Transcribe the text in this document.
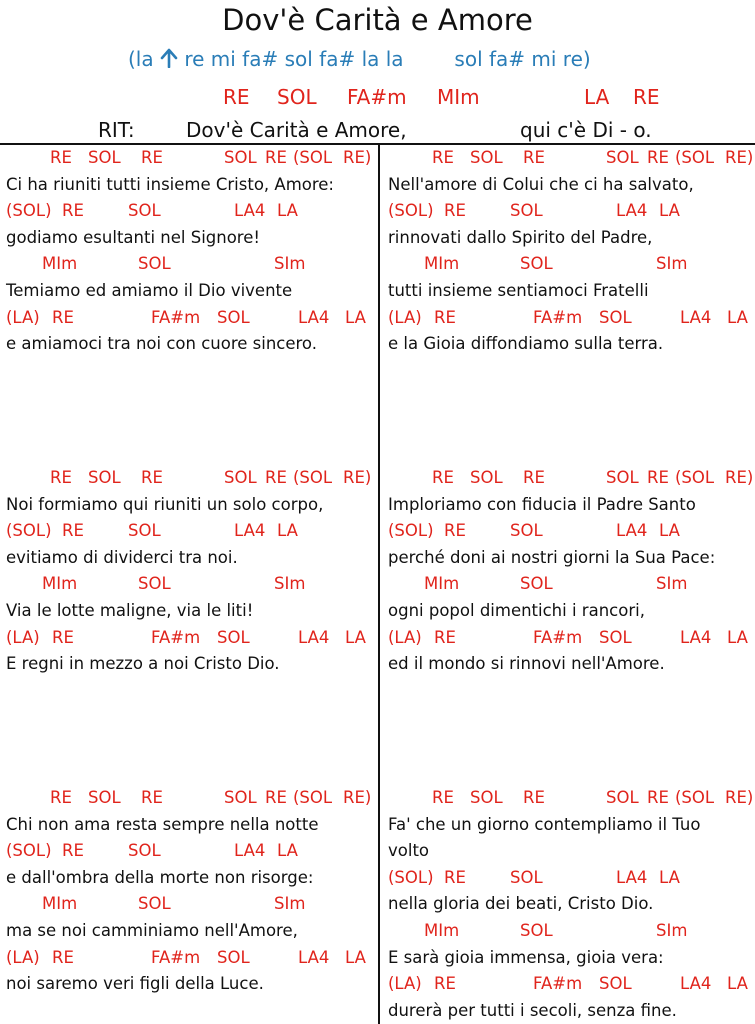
Dov'è Carità e Amore
(la  re mi fa# sol fa# la la        sol fa# mi re)
RE SOL FA#m MIm	LA RE
RIT:	Dov'è Carità e Amore,	qui c'è Di - o.
RE SOL RE	SOL RE (SOL RE)
Ci ha riuniti tutti insieme Cristo, Amore:
(SOL) RE	SOL	LA4 LA
godiamo esultanti nel Signore!
MIm	SOL	SIm
Temiamo ed amiamo il Dio vivente
(LA) RE	FA#m SOL	LA4 LA
e amiamoci tra noi con cuore sincero.
RE SOL RE	SOL RE (SOL RE)
Nell'amore di Colui che ci ha salvato,
(SOL) RE	SOL	LA4 LA
rinnovati dallo Spirito del Padre,
MIm	SOL	SIm
tutti insieme sentiamoci Fratelli
(LA) RE	FA#m SOL	LA4 LA
e la Gioia diffondiamo sulla terra.
RE SOL RE	SOL RE (SOL RE)
Noi formiamo qui riuniti un solo corpo,
(SOL) RE	SOL	LA4 LA
evitiamo di dividerci tra noi.
MIm	SOL	SIm
Via le lotte maligne, via le liti!
(LA) RE	FA#m SOL	LA4 LA
E regni in mezzo a noi Cristo Dio.
RE SOL RE	SOL RE (SOL RE)
Imploriamo con fiducia il Padre Santo
(SOL) RE	SOL	LA4 LA
perché doni ai nostri giorni la Sua Pace:
MIm	SOL	SIm
ogni popol dimentichi i rancori,
(LA) RE	FA#m SOL	LA4 LA
ed il mondo si rinnovi nell'Amore.
RE SOL RE	SOL RE (SOL RE)
Chi non ama resta sempre nella notte
(SOL) RE	SOL	LA4 LA
e dall'ombra della morte non risorge:
MIm	SOL	SIm
ma se noi camminiamo nell'Amore,
(LA) RE	FA#m SOL	LA4 LA
noi saremo veri figli della Luce.
RE SOL RE	SOL RE (SOL RE)
Fa' che un giorno contempliamo il Tuo
volto
(SOL) RE	SOL	LA4 LA
nella gloria dei beati, Cristo Dio.
MIm	SOL	SIm
E sarà gioia immensa, gioia vera:
(LA) RE	FA#m SOL	LA4 LA
durerà per tutti i secoli, senza fine.
